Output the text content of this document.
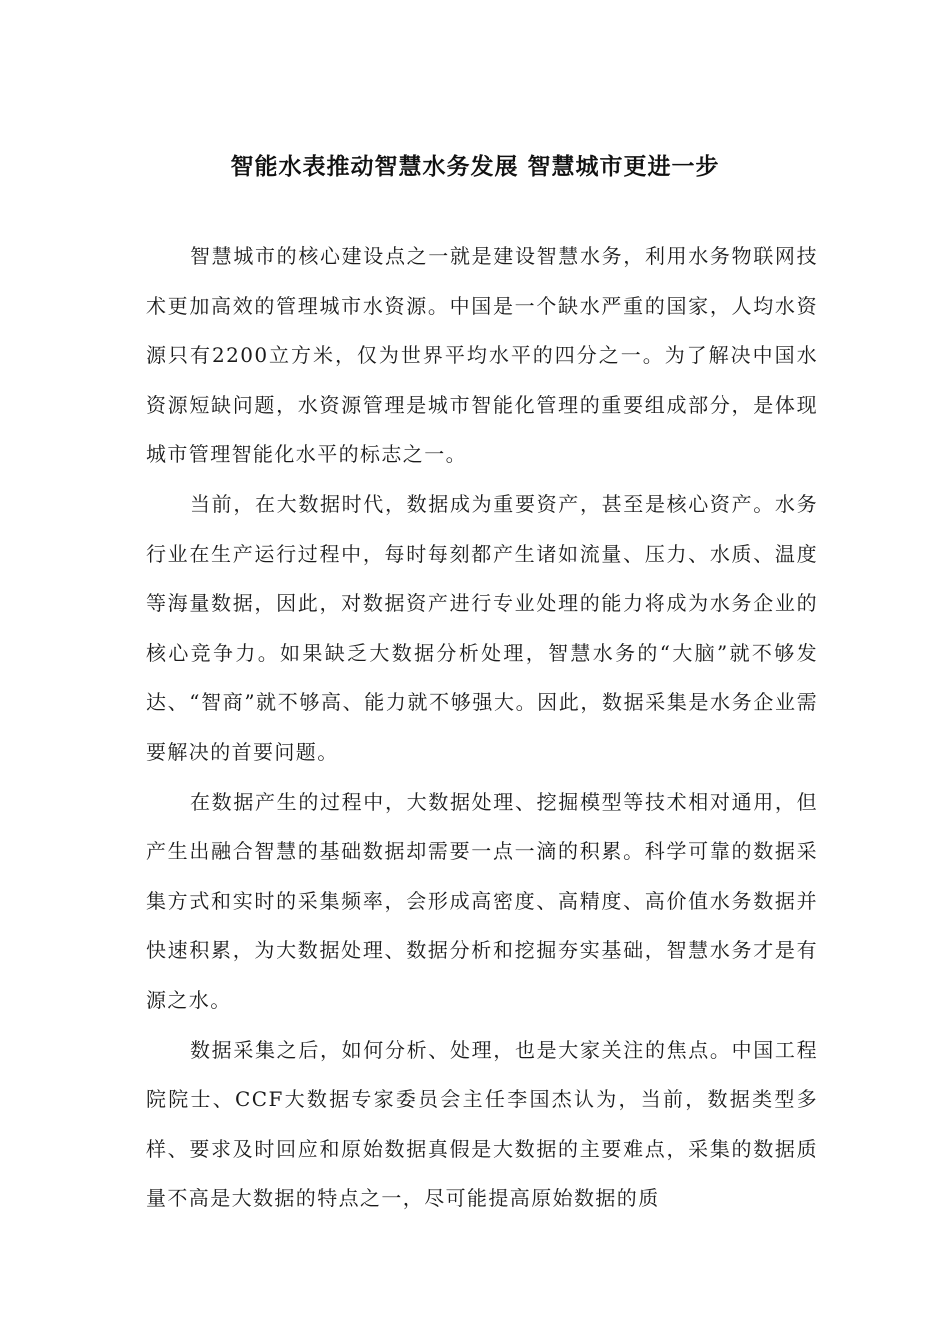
智能水表推动智慧水务发展 智慧城市更进一步

智慧城市的核心建设点之一就是建设智慧水务，利用水务物联网技术更加高效的管理城市水资源。中国是一个缺水严重的国家，人均水资源只有2200立方米，仅为世界平均水平的四分之一。为了解决中国水资源短缺问题，水资源管理是城市智能化管理的重要组成部分，是体现城市管理智能化水平的标志之一。

当前，在大数据时代，数据成为重要资产，甚至是核心资产。水务行业在生产运行过程中，每时每刻都产生诸如流量、压力、水质、温度等海量数据，因此，对数据资产进行专业处理的能力将成为水务企业的核心竞争力。如果缺乏大数据分析处理，智慧水务的“大脑”就不够发达、“智商”就不够高、能力就不够强大。因此，数据采集是水务企业需要解决的首要问题。

在数据产生的过程中，大数据处理、挖掘模型等技术相对通用，但产生出融合智慧的基础数据却需要一点一滴的积累。科学可靠的数据采集方式和实时的采集频率，会形成高密度、高精度、高价值水务数据并快速积累，为大数据处理、数据分析和挖掘夯实基础，智慧水务才是有源之水。

数据采集之后，如何分析、处理，也是大家关注的焦点。中国工程院院士、CCF大数据专家委员会主任李国杰认为，当前，数据类型多样、要求及时回应和原始数据真假是大数据的主要难点，采集的数据质量不高是大数据的特点之一，尽可能提高原始数据的质
